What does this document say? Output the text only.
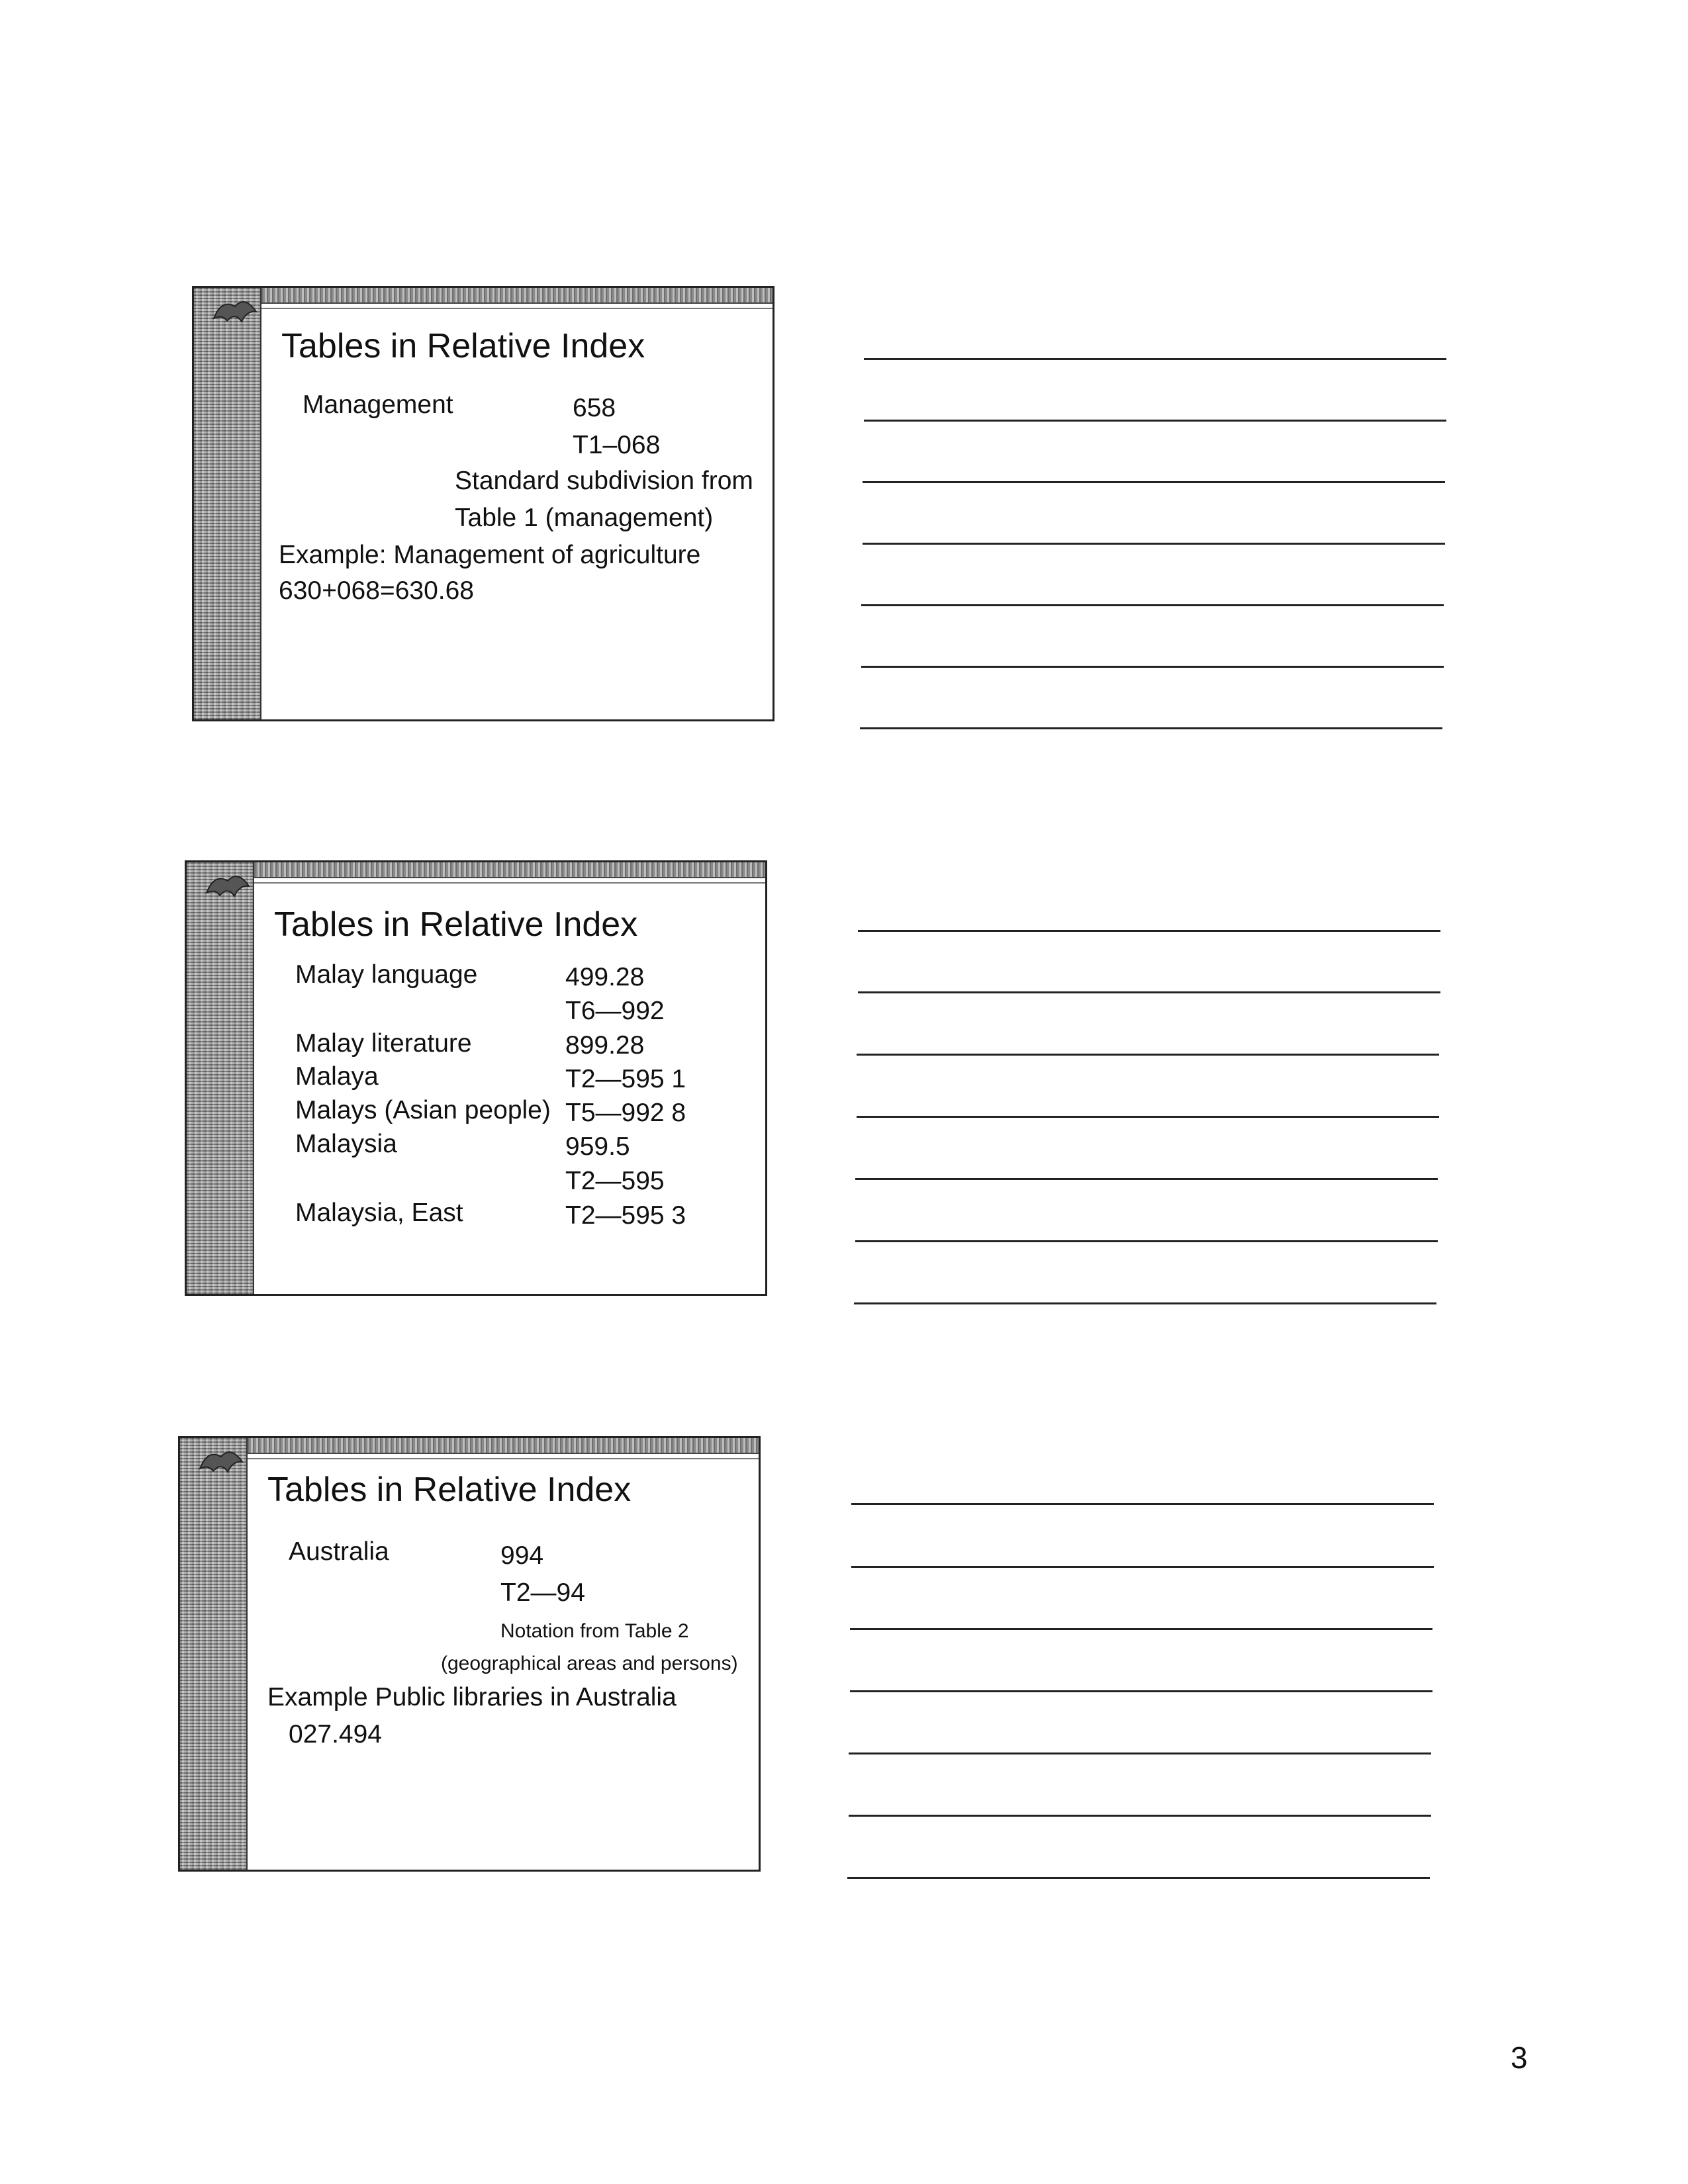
Tables in Relative Index
Management	658
T1–068
Standard subdivision from
Table 1 (management)
Example: Management of agriculture
630+068=630.68
Tables in Relative Index
Malay language	499.28
T6—992
Malay literature	899.28
Malaya	T2—595 1
Malays (Asian people) T5—992 8
Malaysia	959.5
T2—595
Malaysia, East	T2—595 3
Tables in Relative Index
Australia	994
T2—94
Notation from Table 2
(geographical areas and persons)
Example Public libraries in Australia
027.494
3
